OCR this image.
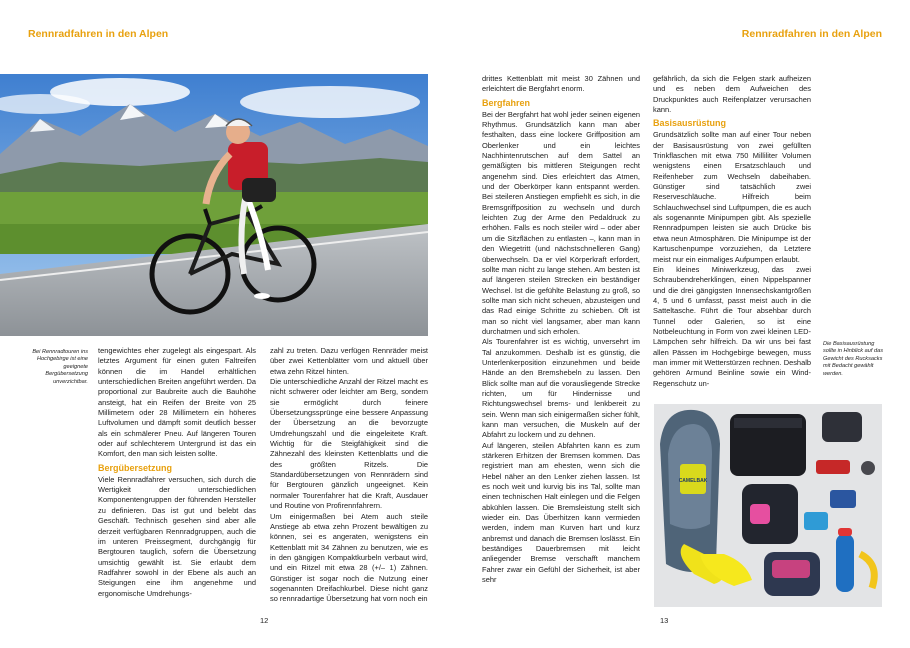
Rennradfahren in den Alpen	Rennradfahren in den Alpen
Bei Rennradtouren ins Hochgebirge ist eine geeignete Bergübersetzung unverzichtbar.
CAMELBAK
Die Basisausrüstung sollte in Hinblick auf das Gewicht des Rucksacks mit Bedacht gewählt werden.

tengewichtes eher zugelegt als eingespart. Als letztes Argument für einen guten Faltreifen können die im Handel erhältlichen unterschiedlichen Breiten angeführt werden. Da proportional zur Baubreite auch die Bauhöhe ansteigt, hat ein Reifen der Breite von 25 Millimetern oder 28 Millimetern ein höheres Luftvolumen und dämpft somit deutlich besser als ein schmälerer Pneu. Auf längeren Touren oder auf schlechterem Untergrund ist das ein Komfort, den man sich leisten sollte.

Bergübersetzung

Viele Rennradfahrer versuchen, sich durch die Wertigkeit der unterschiedlichen Komponentengruppen der führenden Hersteller zu definieren. Das ist gut und belebt das Geschäft. Technisch gesehen sind aber alle derzeit verfügbaren Rennradgruppen, auch die im unteren Preissegment, durchgängig für Bergtouren tauglich, sofern die Übersetzung umsichtig gewählt ist. Sie erlaubt dem Radfahrer sowohl in der Ebene als auch an Steigungen eine ihm angenehme und ergonomische Umdrehungs-

zahl zu treten. Dazu verfügen Rennräder meist über zwei Kettenblätter vorn und aktuell über etwa zehn Ritzel hinten.

Die unterschiedliche Anzahl der Ritzel macht es nicht schwerer oder leichter am Berg, sondern sie ermöglicht durch feinere Übersetzungssprünge eine bessere Anpassung der Übersetzung an die bevorzugte Umdrehungszahl und die eingeleitete Kraft. Wichtig für die Steigfähigkeit sind die Zähnezahl des kleinsten Kettenblatts und die des größten Ritzels. Die Standardübersetzungen von Rennrädern sind für Bergtouren gänzlich ungeeignet. Kein normaler Tourenfahrer hat die Kraft, Ausdauer und Routine von Profirennfahrern.

Um einigermaßen bei Atem auch steile Anstiege ab etwa zehn Prozent bewältigen zu können, sei es angeraten, wenigstens ein Kettenblatt mit 34 Zähnen zu benutzen, wie es in den gängigen Kompaktkurbeln verbaut wird, und ein Ritzel mit etwa 28 (+/– 1) Zähnen. Günstiger ist sogar noch die Nutzung einer sogenannten Dreifachkurbel. Diese nicht ganz so rennradartige Übersetzung hat vorn noch ein

drittes Kettenblatt mit meist 30 Zähnen und erleichtert die Bergfahrt enorm.

Bergfahren

Bei der Bergfahrt hat wohl jeder seinen eigenen Rhythmus. Grundsätzlich kann man aber festhalten, dass eine lockere Griffposition am Oberlenker und ein leichtes Nachhintenrutschen auf dem Sattel an gemäßigten bis mittleren Steigungen recht angenehm sind. Dies erleichtert das Atmen, und der Oberkörper kann entspannt werden. Bei steileren Anstiegen empfiehlt es sich, in die Bremsgriffposition zu wechseln und durch leichten Zug der Arme den Pedaldruck zu erhöhen. Falls es noch steiler wird – oder aber um die Sitzflächen zu entlasten –, kann man in den Wiegetritt (und nächstschnelleren Gang) überwechseln. Da er viel Körperkraft erfordert, sollte man nicht zu lange stehen. Am besten ist auf längeren steilen Strecken ein beständiger Wechsel. Ist die gefühlte Belastung zu groß, so sollte man sich nicht scheuen, abzusteigen und das Rad einige Schritte zu schieben. Oft ist man so nicht viel langsamer, aber man kann durchatmen und sich erholen.

Als Tourenfahrer ist es wichtig, unversehrt im Tal anzukommen. Deshalb ist es günstig, die Unterlenkerposition einzunehmen und beide Hände an den Bremshebeln zu lassen. Den Blick sollte man auf die vorausliegende Strecke richten, um für Hindernisse und Richtungswechsel brems- und lenkbereit zu sein. Wenn man sich einigermaßen sicher fühlt, kann man versuchen, die Muskeln auf der Abfahrt zu lockern und zu dehnen.

Auf längeren, steilen Abfahrten kann es zum stärkeren Erhitzen der Bremsen kommen. Das registriert man am ehesten, wenn sich die Hebel näher an den Lenker ziehen lassen. Ist es noch weit und kurvig bis ins Tal, sollte man einen technischen Halt einlegen und die Felgen abkühlen lassen. Die Bremsleistung stellt sich wieder ein. Das Überhitzen kann vermieden werden, indem man Kurven hart und kurz anbremst und danach die Bremsen loslässt. Ein beständiges Dauerbremsen mit leicht anliegender Bremse verschafft manchem Fahrer zwar ein Gefühl der Sicherheit, ist aber sehr

gefährlich, da sich die Felgen stark aufheizen und es neben dem Aufweichen des Druckpunktes auch Reifenplatzer verursachen kann.

Basisausrüstung

Grundsätzlich sollte man auf einer Tour neben der Basisausrüstung von zwei gefüllten Trinkflaschen mit etwa 750 Milliliter Volumen wenigstens einen Ersatzschlauch und Reifenheber zum Wechseln dabeihaben. Günstiger sind tatsächlich zwei Reserveschläuche. Hilfreich beim Schlauchwechsel sind Luftpumpen, die es auch als sogenannte Minipumpen gibt. Als spezielle Rennradpumpen leisten sie auch Drücke bis etwa neun Atmosphären. Die Minipumpe ist der Kartuschenpumpe vorzuziehen, da Letztere meist nur ein einmaliges Aufpumpen erlaubt.

Ein kleines Miniwerkzeug, das zwei Schraubendreherklingen, einen Nippelspanner und die drei gängigsten Innensechskantgrößen 4, 5 und 6 umfasst, passt meist auch in die Satteltasche. Führt die Tour absehbar durch Tunnel oder Galerien, so ist eine Notbeleuchtung in Form von zwei kleinen LED-Lämpchen sehr hilfreich. Da wir uns bei fast allen Pässen im Hochgebirge bewegen, muss man immer mit Wetterstürzen rechnen. Deshalb gehören Armund Beinline sowie ein Wind-Regenschutz un-

12	13
